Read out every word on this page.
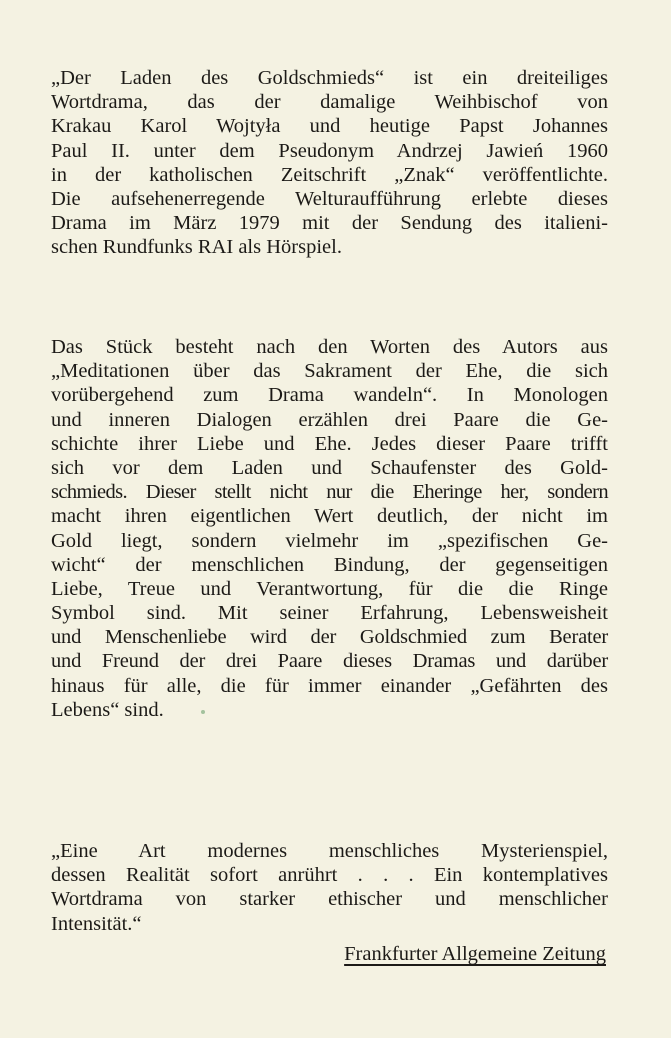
„Der Laden des Goldschmieds“ ist ein dreiteiliges
Wortdrama, das der damalige Weihbischof von
Krakau Karol Wojtyła und heutige Papst Johannes
Paul II. unter dem Pseudonym Andrzej Jawień 1960
in der katholischen Zeitschrift „Znak“ veröffentlichte.
Die aufsehenerregende Welturaufführung erlebte dieses
Drama im März 1979 mit der Sendung des italieni-
schen Rundfunks RAI als Hörspiel.
Das Stück besteht nach den Worten des Autors aus
„Meditationen über das Sakrament der Ehe, die sich
vorübergehend zum Drama wandeln“. In Monologen
und inneren Dialogen erzählen drei Paare die Ge-
schichte ihrer Liebe und Ehe. Jedes dieser Paare trifft
sich vor dem Laden und Schaufenster des Gold-
schmieds. Dieser stellt nicht nur die Eheringe her, sondern
macht ihren eigentlichen Wert deutlich, der nicht im
Gold liegt, sondern vielmehr im „spezifischen Ge-
wicht“ der menschlichen Bindung, der gegenseitigen
Liebe, Treue und Verantwortung, für die die Ringe
Symbol sind. Mit seiner Erfahrung, Lebensweisheit
und Menschenliebe wird der Goldschmied zum Berater
und Freund der drei Paare dieses Dramas und darüber
hinaus für alle, die für immer einander „Gefährten des
Lebens“ sind.
„Eine Art modernes menschliches Mysterienspiel,
dessen Realität sofort anrührt . . . Ein kontemplatives
Wortdrama von starker ethischer und menschlicher
Intensität.“
Frankfurter Allgemeine Zeitung
